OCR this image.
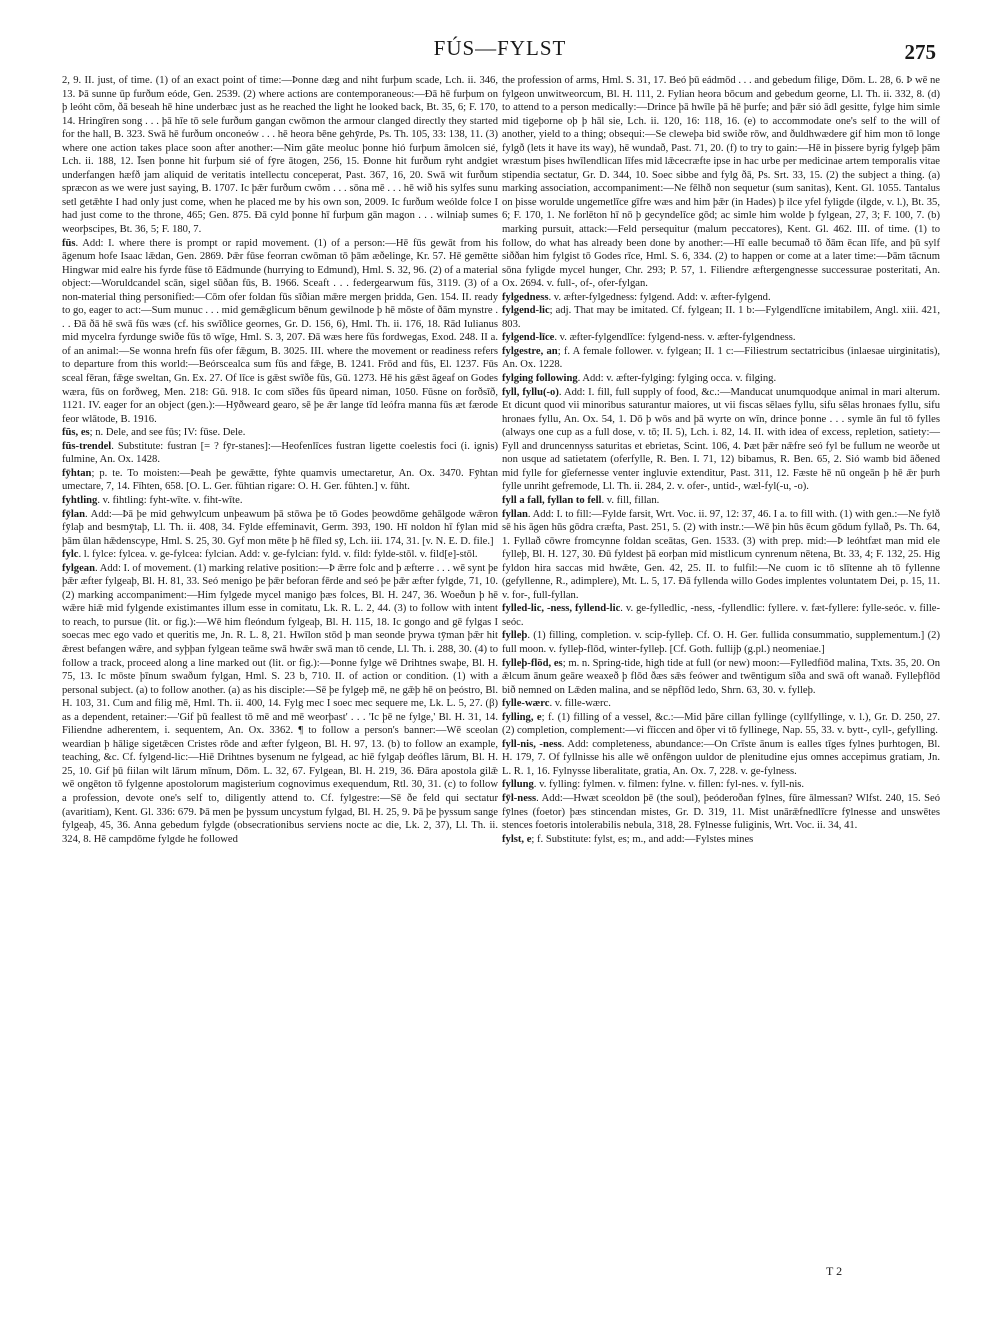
FÚS—FYLST	275

2, 9. II. just, of time. (1) of an exact point of time:—Þonne dæg and niht furþum scade, Lch. ii. 346, 13. Þā sunne ūp furðum eóde, Gen. 2539. (2) where actions are contemporaneous:—Ðā hē furþum on þ leóht cōm, ðā beseah hē hine underbæc just as he reached the light he looked back, Bt. 35, 6; F. 170, 14. Hringīren song . . . þā hīe tō sele furðum gangan cwōmon the armour clanged directly they started for the hall, B. 323. Swā hē furðum onconeów . . . hē heora bēne gehȳrde, Ps. Th. 105, 33: 138, 11. (3) where one action takes place soon after another:—Nim gāte meoluc þonne hió furþum āmolcen sié, Lch. ii. 188, 12. Īsen þonne hit furþum sié of fȳre ātogen, 256, 15. Ðonne hit furðum ryht andgiet underfangen hæfð jam aliquid de veritatis intellectu conceperat, Past. 367, 16, 20. Swā wit furðum spræcon as we were just saying, B. 1707. Ic þǣr furðum cwōm . . . sōna mē . . . hē wið his sylfes sunu setl getǣhte I had only just come, when he placed me by his own son, 2009. Ic furðum weólde folce I had just come to the throne, 465; Gen. 875. Ðā cyld þonne hī furþum gān magon . . . wilniaþ sumes weorþscipes, Bt. 36, 5; F. 180, 7.

fūs. Add: I. where there is prompt or rapid movement. (1) of a person:—Hē fūs gewāt from his āgenum hofe Isaac lǣdan, Gen. 2869. Þǣr fūse feorran cwōman tō þām æðelinge, Kr. 57. Hē gemētte Hingwar mid ealre his fyrde fūse tō Eādmunde (hurrying to Edmund), Hml. S. 32, 96. (2) of a material object:—Woruldcandel scān, sigel sūðan fūs, B. 1966. Sceaft . . . federgearwum fūs, 3119. (3) of a non-material thing personified:—Cōm ofer foldan fūs sīðian mǣre mergen þridda, Gen. 154. II. ready to go, eager to act:—Sum munuc . . . mid gemǣglicum bēnum gewilnode þ hē mōste of ðām mynstre . . . Ðā ðā hē swā fūs wæs (cf. his swīðlice geornes, Gr. D. 156, 6), Hml. Th. ii. 176, 18. Rād Iulianus mid mycelra fyrdunge swiðe fūs tō wīge, Hml. S. 3, 207. Ðā wæs here fūs fordwegas, Exod. 248. II a. of an animal:—Se wonna hrefn fūs ofer fǣgum, B. 3025. III. where the movement or readiness refers to departure from this world:—Beórscealca sum fūs and fǣge, B. 1241. Frōd and fūs, El. 1237. Fūs sceal fēran, fǣge sweltan, Gn. Ex. 27. Of līce is gǣst swīðe fūs, Gū. 1273. Hē his gǣst āgeaf on Godes wæra, fūs on forðweg, Men. 218: Gū. 918. Ic com sīðes fūs ūpeard niman, 1050. Fūsne on forðsīð, 1121. IV. eager for an object (gen.):—Hȳðweard gearo, sē þe ǣr lange tīd leófra manna fūs æt færode feor wlātode, B. 1916.

fūs, es; n. Dele, and see fūs; IV: fūse. Dele.

fūs-trendel. Substitute: fustran [= ? fȳr-stanes]:—Heofenlīces fustran ligette coelestis foci (i. ignis) fulmine, An. Ox. 1428.

fȳhtan; p. te. To moisten:—Þeah þe gewǣtte, fȳhte quamvis umectaretur, An. Ox. 3470. Fȳhtan umectare, 7, 14. Fīhten, 658. [O. L. Ger. fūhtian rigare: O. H. Ger. fūhten.] v. fūht.

fyhtling. v. fihtling: fyht-wīte. v. fiht-wīte.

fȳlan. Add:—Þā þe mid gehwylcum unþeawum þā stōwa þe tō Godes þeowdōme gehālgode wǣron fȳlaþ and besmȳtaþ, Ll. Th. ii. 408, 34. Fȳlde effeminavit, Germ. 393, 190. Hī noldon hī fȳlan mid þām ūlan hǣdenscype, Hml. S. 25, 30. Gyf mon mēte þ hē fīled sȳ, Lch. iii. 174, 31. [v. N. E. D. file.]

fylc. l. fylce: fylcea. v. ge-fylcea: fylcian. Add: v. ge-fylcian: fyld. v. fild: fylde-stōl. v. fild[e]-stōl.

fylgean. Add: I. of movement. (1) marking relative position:—Þ ǣrre folc and þ æfterre . . . wē synt þe þǣr æfter fylgeaþ, Bl. H. 81, 33. Seó menigo þe þǣr beforan fērde and seó þe þǣr æfter fylgde, 71, 10. (2) marking accompaniment:—Him fylgede mycel manigo þæs folces, Bl. H. 247, 36. Woeðun þ hē wǣre hiǣ mid fylgende existimantes illum esse in comitatu, Lk. R. L. 2, 44. (3) to follow with intent to reach, to pursue (lit. or fig.):—Wē him fleóndum fylgeaþ, Bl. H. 115, 18. Ic gongo and gē fylgas I soecas mec ego vado et queritis me, Jn. R. L. 8, 21. Hwīlon stōd þ man seonde þrywa tȳman þǣr hit ǣrest befangen wǣre, and syþþan fylgean teāme swā hwǣr swā man tō cende, Ll. Th. i. 288, 30. (4) to follow a track, proceed along a line marked out (lit. or fig.):—Þonne fylge wē Drihtnes swaþe, Bl. H. 75, 13. Ic mōste þīnum swaðum fylgan, Hml. S. 23 b, 710. II. of action or condition. (1) with a personal subject. (a) to follow another. (a) as his disciple:—Sē þe fylgeþ mē, ne gǣþ hē on þeóstro, Bl. H. 103, 31. Cum and filig mē, Hml. Th. ii. 400, 14. Fylg mec I soec mec sequere me, Lk. L. 5, 27. (β) as a dependent, retainer:—'Gif þū feallest tō mē and mē weorþast' . . . 'Ic þē ne fylge,' Bl. H. 31, 14. Filiendne adherentem, i. sequentem, An. Ox. 3362. ¶ to follow a person's banner:—Wē sceolan weardian þ hālige sigetǣcen Cristes rōde and æfter fylgeon, Bl. H. 97, 13. (b) to follow an example, teaching, &c. Cf. fylgend-lic:—Hiē Drihtnes bysenum ne fylgead, ac hiē fylgaþ deófles lārum, Bl. H. 25, 10. Gif þū fiilan wilt lārum mīnum, Dōm. L. 32, 67. Fylgean, Bl. H. 219, 36. Ðāra apostola gilǣ wē ongēton tō fylgenne apostolorum magisterium cognovimus exequendum, Rtl. 30, 31. (c) to follow a profession, devote one's self to, diligently attend to. Cf. fylgestre:—Sē ðe feld qui sectatur (avaritiam), Kent. Gl. 336: 679. Þā men þe þyssum uncystum fylgad, Bl. H. 25, 9. Þā þe þyssum sange fylgeaþ, 45, 36. Anna gebedum fylgde (obsecrationibus serviens nocte ac die, Lk. 2, 37), Ll. Th. ii. 324, 8. Hē campdōme fylgde he followed

the profession of arms, Hml. S. 31, 17. Beó þū eádmōd . . . and gebedum filige, Dōm. L. 28, 6. Þ wē ne fylgeon unwitweorcum, Bl. H. 111, 2. Fylian heora bōcum and gebedum georne, Ll. Th. ii. 332, 8. (d) to attend to a person medically:—Drince þā hwīle þā hē þurfe; and þǣr sió ādl gesitte, fylge him simle mid tigeþorne oþ þ hāl sie, Lch. ii. 120, 16: 118, 16. (e) to accommodate one's self to the will of another, yield to a thing; obsequi:—Se cleweþa bid swiðe rōw, and ðuldhwædere gif him mon tō longe fylgð (lets it have its way), hē wundað, Past. 71, 20. (f) to try to gain:—Hē in þissere byrig fylgeþ þām wræstum þises hwīlendlican līfes mid lǣcecræfte ipse in hac urbe per medicinae artem temporalis vitae stipendia sectatur, Gr. D. 344, 10. Soec sibbe and fylg ðā, Ps. Srt. 33, 15. (2) the subject a thing. (a) marking association, accompaniment:—Ne fēlhð non sequetur (sum sanitas), Kent. Gl. 1055. Tantalus on þisse worulde ungemetlīce gīfre wæs and him þǣr (in Hades) þ ilce yfel fyligde (ilgde, v. l.), Bt. 35, 6; F. 170, 1. Ne forlēton hī nō þ gecyndelīce gōd; ac simle him wolde þ fylgean, 27, 3; F. 100, 7. (b) marking pursuit, attack:—Feld persequitur (malum peccatores), Kent. Gl. 462. III. of time. (1) to follow, do what has already been done by another:—Hī ealle becumað tō ðām ēcan līfe, and þū sylf siððan him fylgist tō Godes rīce, Hml. S. 6, 334. (2) to happen or come at a later time:—Þām tācnum sōna fyligde mycel hunger, Chr. 293; P. 57, 1. Filiendre æftergengnesse successurae posteritati, An. Ox. 2694. v. full-, of-, ofer-fylgan.

fylgedness. v. æfter-fylgedness: fylgend. Add: v. æfter-fylgend.

fylgend-lic; adj. That may be imitated. Cf. fylgean; II. 1 b:—Fylgendlīcne imitabilem, Angl. xiii. 421, 803.

fylgend-līce. v. æfter-fylgendlīce: fylgend-ness. v. æfter-fylgendness.

fylgestre, an; f. A female follower. v. fylgean; II. 1 c:—Filiestrum sectatricibus (inlaesae uirginitatis), An. Ox. 1228.

fylging following. Add: v. æfter-fylging: fylging occa. v. filging.

fyll, fyllu(-o). Add: I. fill, full supply of food, &c.:—Manducat unumquodque animal in mari alterum. Et dicunt quod vii minoribus saturantur maiores, ut vii fiscas sēlaes fyllu, sifu sēlas hronaes fyllu, sifu hronaes fyllu, An. Ox. 54, 1. Dō þ wōs and þā wyrte on wīn, drince þonne . . . symle ān ful tō fylles (always one cup as a full dose, v. tō; II. 5), Lch. i. 82, 14. II. with idea of excess, repletion, satiety:—Fyll and druncennyss saturitas et ebrietas, Scint. 106, 4. Þæt þǣr nǣfre seó fyl be fullum ne weorðe ut non usque ad satietatem (oferfylle, R. Ben. I. 71, 12) bibamus, R. Ben. 65, 2. Sió wamb bid āðened mid fylle for gīefernesse venter ingluvie extenditur, Past. 311, 12. Fæste hē nū ongeān þ hē ǣr þurh fylle unriht gefremode, Ll. Th. ii. 284, 2. v. ofer-, untid-, wæl-fyl(-u, -o).

fyll a fall, fyllan to fell. v. fill, fillan.

fyllan. Add: I. to fill:—Fylde farsit, Wrt. Voc. ii. 97, 12: 37, 46. I a. to fill with. (1) with gen.:—Ne fylð sē his āgen hūs gōdra cræfta, Past. 251, 5. (2) with instr.:—Wē þin hūs ēcum gōdum fyllað, Ps. Th. 64, 1. Fyllað cōwre fromcynne foldan sceātas, Gen. 1533. (3) with prep. mid:—Þ leóhtfæt man mid ele fylleþ, Bl. H. 127, 30. Ðū fyldest þā eorþan mid mistlicum cynrenum nētena, Bt. 33, 4; F. 132, 25. Hig fyldon hira saccas mid hwǣte, Gen. 42, 25. II. to fulfil:—Ne cuom ic tō slītenne ah tō fyllenne (gefyllenne, R., adimplere), Mt. L. 5, 17. Ðā fyllenda willo Godes implentes voluntatem Dei, p. 15, 11. v. for-, full-fyllan.

fylled-lic, -ness, fyllend-lic. v. ge-fylledlic, -ness, -fyllendlic: fyllere. v. fæt-fyllere: fylle-seóc. v. fille-seóc.

fylleþ. (1) filling, completion. v. scip-fylleþ. Cf. O. H. Ger. fullida consummatio, supplementum.] (2) full moon. v. fylleþ-flōd, winter-fylleþ. [Cf. Goth. fullijþ (g.pl.) neomeniae.]

fylleþ-flōd, es; m. n. Spring-tide, high tide at full (or new) moon:—Fylledfiōd malina, Txts. 35, 20. On ǣlcum ānum geāre weaxeð þ flōd ðæs sǣs feówer and twēntigum sīða and swā oft wanað. Fylleþflōd bið nemned on Lǣden malina, and se nēpflōd ledo, Shrn. 63, 30. v. fylleþ.

fylle-wærc. v. fille-wærc.

fylling, e; f. (1) filling of a vessel, &c.:—Mid þāre cillan fyllinge (cyllfyllinge, v. l.), Gr. D. 250, 27. (2) completion, complement:—vi fīiccen and ōþer vi tō fyllinege, Nap. 55, 33. v. bytt-, cyll-, gefylling.

fyll-nis, -ness. Add: completeness, abundance:—On Crīste ānum is ealles tīges fylnes þurhtogen, Bl. H. 179, 7. Of fyllnisse his alle wē onfēngon uuldor de plenitudine ejus omnes accepimus gratiam, Jn. L. R. 1, 16. Fylnysse liberalitate, gratia, An. Ox. 7, 228. v. ge-fylness.

fyllung. v. fylling: fylmen. v. filmen: fylne. v. fillen: fyl-nes. v. fyll-nis.

fȳl-ness. Add:—Hwæt sceoldon þē (the soul), þeóderoðan fȳlnes, fūre ālmessan? Wlfst. 240, 15. Seó fȳlnes (foetor) þæs stincendan mistes, Gr. D. 319, 11. Mist unārǣfnedlīcre fȳlnesse and unswētes stences foetoris intolerabilis nebula, 318, 28. Fȳlnesse fuliginis, Wrt. Voc. ii. 34, 41.

fylst, e; f. Substitute: fylst, es; m., and add:—Fylstes mines

T 2
